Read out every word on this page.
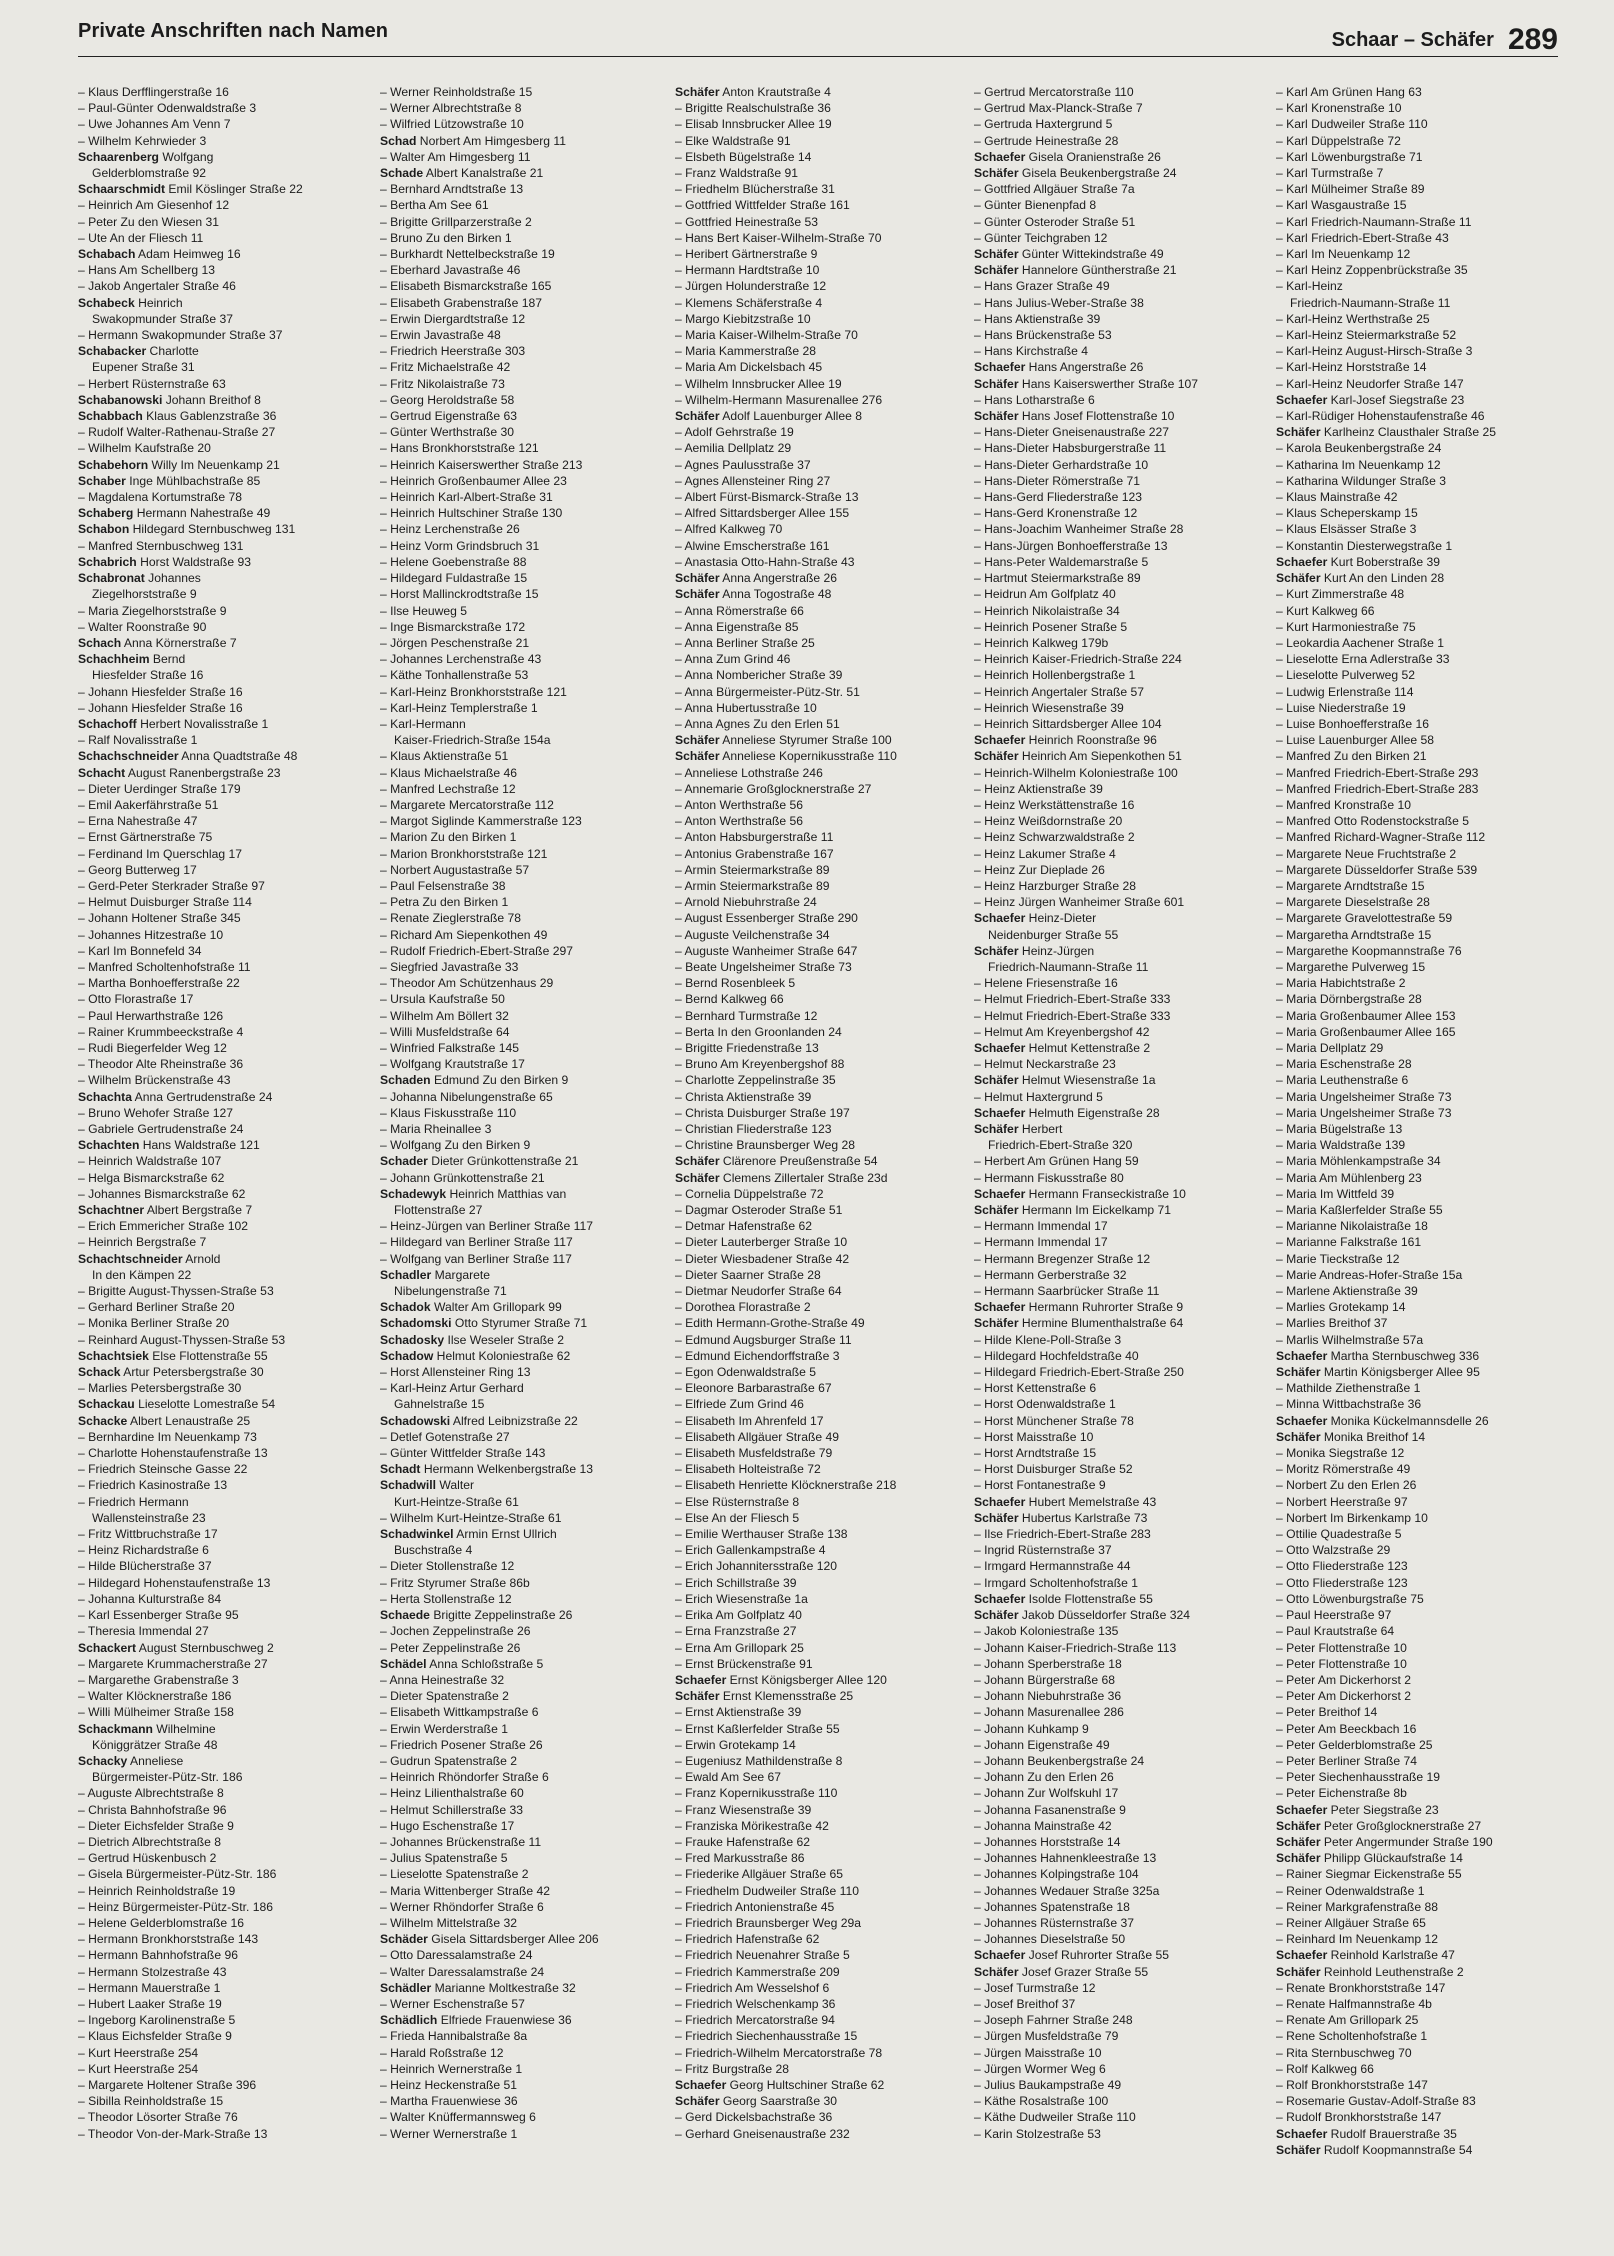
Private Anschriften nach Namen	Schaar – Schäfer 289
– Klaus Derfflingerstraße 16
– Paul-Günter Odenwaldstraße 3
– Uwe Johannes Am Venn 7
– Wilhelm Kehrwieder 3
Schaarenberg Wolfgang
Gelderblomstraße 92
Schaarschmidt Emil Köslinger Straße 22
– Heinrich Am Giesenhof 12
– Peter Zu den Wiesen 31
– Ute An der Fliesch 11
Schabach Adam Heimweg 16
– Hans Am Schellberg 13
– Jakob Angertaler Straße 46
Schabeck Heinrich
Swakopmunder Straße 37
– Hermann Swakopmunder Straße 37
Schabacker Charlotte
Eupener Straße 31
– Herbert Rüsternstraße 63
Schabanowski Johann Breithof 8
Schabbach Klaus Gablenzstraße 36
– Rudolf Walter-Rathenau-Straße 27
– Wilhelm Kaufstraße 20
Schabehorn Willy Im Neuenkamp 21
Schaber Inge Mühlbachstraße 85
– Magdalena Kortumstraße 78
Schaberg Hermann Nahestraße 49
Schabon Hildegard Sternbuschweg 131
– Manfred Sternbuschweg 131
Schabrich Horst Waldstraße 93
Schabronat Johannes
Ziegelhorststraße 9
– Maria Ziegelhorststraße 9
– Walter Roonstraße 90
Schach Anna Körnerstraße 7
Schachheim Bernd
Hiesfelder Straße 16
– Johann Hiesfelder Straße 16
– Johann Hiesfelder Straße 16
Schachoff Herbert Novalisstraße 1
– Ralf Novalisstraße 1
Schachschneider Anna Quadtstraße 48
Schacht August Ranenbergstraße 23
– Dieter Uerdinger Straße 179
– Emil Aakerfährstraße 51
– Erna Nahestraße 47
– Ernst Gärtnerstraße 75
– Ferdinand Im Querschlag 17
– Georg Butterweg 17
– Gerd-Peter Sterkrader Straße 97
– Helmut Duisburger Straße 114
– Johann Holtener Straße 345
– Johannes Hitzestraße 10
– Karl Im Bonnefeld 34
– Manfred Scholtenhofstraße 11
– Martha Bonhoefferstraße 22
– Otto Florastraße 17
– Paul Herwarthstraße 126
– Rainer Krummbeeckstraße 4
– Rudi Biegerfelder Weg 12
– Theodor Alte Rheinstraße 36
– Wilhelm Brückenstraße 43
Schachta Anna Gertrudenstraße 24
– Bruno Wehofer Straße 127
– Gabriele Gertrudenstraße 24
Schachten Hans Waldstraße 121
– Heinrich Waldstraße 107
– Helga Bismarckstraße 62
– Johannes Bismarckstraße 62
Schachtner Albert Bergstraße 7
– Erich Emmericher Straße 102
– Heinrich Bergstraße 7
Schachtschneider Arnold
In den Kämpen 22
– Brigitte August-Thyssen-Straße 53
– Gerhard Berliner Straße 20
– Monika Berliner Straße 20
– Reinhard August-Thyssen-Straße 53
Schachtsiek Else Flottenstraße 55
Schack Artur Petersbergstraße 30
– Marlies Petersbergstraße 30
Schackau Lieselotte Lomestraße 54
Schacke Albert Lenaustraße 25
– Bernhardine Im Neuenkamp 73
– Charlotte Hohenstaufenstraße 13
– Friedrich Steinsche Gasse 22
– Friedrich Kasinostraße 13
– Friedrich Hermann
Wallensteinstraße 23
– Fritz Wittbruchstraße 17
– Heinz Richardstraße 6
– Hilde Blücherstraße 37
– Hildegard Hohenstaufenstraße 13
– Johanna Kulturstraße 84
– Karl Essenberger Straße 95
– Theresia Immendal 27
Schackert August Sternbuschweg 2
– Margarete Krummacherstraße 27
– Margarethe Grabenstraße 3
– Walter Klöcknerstraße 186
– Willi Mülheimer Straße 158
Schackmann Wilhelmine
Königgrätzer Straße 48
Schacky Anneliese
Bürgermeister-Pütz-Str. 186
– Auguste Albrechtstraße 8
– Christa Bahnhofstraße 96
– Dieter Eichsfelder Straße 9
– Dietrich Albrechtstraße 8
– Gertrud Hüskenbusch 2
– Gisela Bürgermeister-Pütz-Str. 186
– Heinrich Reinholdstraße 19
– Heinz Bürgermeister-Pütz-Str. 186
– Helene Gelderblomstraße 16
– Hermann Bronkhorststraße 143
– Hermann Bahnhofstraße 96
– Hermann Stolzestraße 43
– Hermann Mauerstraße 1
– Hubert Laaker Straße 19
– Ingeborg Karolinenstraße 5
– Klaus Eichsfelder Straße 9
– Kurt Heerstraße 254
– Kurt Heerstraße 254
– Margarete Holtener Straße 396
– Sibilla Reinholdstraße 15
– Theodor Lösorter Straße 76
– Theodor Von-der-Mark-Straße 13
– Werner Reinholdstraße 15
– Werner Albrechtstraße 8
– Wilfried Lützowstraße 10
Schad Norbert Am Himgesberg 11
– Walter Am Himgesberg 11
Schade Albert Kanalstraße 21
– Bernhard Arndtstraße 13
– Bertha Am See 61
– Brigitte Grillparzerstraße 2
– Bruno Zu den Birken 1
– Burkhardt Nettelbeckstraße 19
– Eberhard Javastraße 46
– Elisabeth Bismarckstraße 165
– Elisabeth Grabenstraße 187
– Erwin Diergardtstraße 12
– Erwin Javastraße 48
– Friedrich Heerstraße 303
– Fritz Michaelstraße 42
– Fritz Nikolaistraße 73
– Georg Heroldstraße 58
– Gertrud Eigenstraße 63
– Günter Werthstraße 30
– Hans Bronkhorststraße 121
– Heinrich Kaiserswerther Straße 213
– Heinrich Großenbaumer Allee 23
– Heinrich Karl-Albert-Straße 31
– Heinrich Hultschiner Straße 130
– Heinz Lerchenstraße 26
– Heinz Vorm Grindsbruch 31
– Helene Goebenstraße 88
– Hildegard Fuldastraße 15
– Horst Mallinckrodtstraße 15
– Ilse Heuweg 5
– Inge Bismarckstraße 172
– Jörgen Peschenstraße 21
– Johannes Lerchenstraße 43
– Käthe Tonhallenstraße 53
– Karl-Heinz Bronkhorststraße 121
– Karl-Heinz Templerstraße 1
– Karl-Hermann
Kaiser-Friedrich-Straße 154a
– Klaus Aktienstraße 51
– Klaus Michaelstraße 46
– Manfred Lechstraße 12
– Margarete Mercatorstraße 112
– Margot Siglinde Kammerstraße 123
– Marion Zu den Birken 1
– Marion Bronkhorststraße 121
– Norbert Augustastraße 57
– Paul Felsenstraße 38
– Petra Zu den Birken 1
– Renate Zieglerstraße 78
– Richard Am Siepenkothen 49
– Rudolf Friedrich-Ebert-Straße 297
– Siegfried Javastraße 33
– Theodor Am Schützenhaus 29
– Ursula Kaufstraße 50
– Wilhelm Am Böllert 32
– Willi Musfeldstraße 64
– Winfried Falkstraße 145
– Wolfgang Krautstraße 17
Schaden Edmund Zu den Birken 9
– Johanna Nibelungenstraße 65
– Klaus Fiskusstraße 110
– Maria Rheinallee 3
– Wolfgang Zu den Birken 9
Schader Dieter Grünkottenstraße 21
– Johann Grünkottenstraße 21
Schadewyk Heinrich Matthias van
Flottenstraße 27
– Heinz-Jürgen van Berliner Straße 117
– Hildegard van Berliner Straße 117
– Wolfgang van Berliner Straße 117
Schadler Margarete
Nibelungenstraße 71
Schadok Walter Am Grillopark 99
Schadomski Otto Styrumer Straße 71
Schadosky Ilse Weseler Straße 2
Schadow Helmut Koloniestraße 62
– Horst Allensteiner Ring 13
– Karl-Heinz Artur Gerhard
Gahnelstraße 15
Schadowski Alfred Leibnizstraße 22
– Detlef Gotenstraße 27
– Günter Wittfelder Straße 143
Schadt Hermann Welkenbergstraße 13
Schadwill Walter
Kurt-Heintze-Straße 61
– Wilhelm Kurt-Heintze-Straße 61
Schadwinkel Armin Ernst Ullrich
Buschstraße 4
– Dieter Stollenstraße 12
– Fritz Styrumer Straße 86b
– Herta Stollenstraße 12
Schaede Brigitte Zeppelinstraße 26
– Jochen Zeppelinstraße 26
– Peter Zeppelinstraße 26
Schädel Anna Schloßstraße 5
– Anna Heinestraße 32
– Dieter Spatenstraße 2
– Elisabeth Wittkampstraße 6
– Erwin Werderstraße 1
– Friedrich Posener Straße 26
– Gudrun Spatenstraße 2
– Heinrich Rhöndorfer Straße 6
– Heinz Lilienthalstraße 60
– Helmut Schillerstraße 33
– Hugo Eschenstraße 17
– Johannes Brückenstraße 11
– Julius Spatenstraße 5
– Lieselotte Spatenstraße 2
– Maria Wittenberger Straße 42
– Werner Rhöndorfer Straße 6
– Wilhelm Mittelstraße 32
Schäder Gisela Sittardsberger Allee 206
– Otto Daressalamstraße 24
– Walter Daressalamstraße 24
Schädler Marianne Moltkestraße 32
– Werner Eschenstraße 57
Schädlich Elfriede Frauenwiese 36
– Frieda Hannibalstraße 8a
– Harald Roßstraße 12
– Heinrich Wernerstraße 1
– Heinz Heckenstraße 51
– Martha Frauenwiese 36
– Walter Knüffermannsweg 6
– Werner Wernerstraße 1
Schäfer Anton Krautstraße 4
– Brigitte Realschulstraße 36
– Elisab Innsbrucker Allee 19
– Elke Waldstraße 91
– Elsbeth Bügelstraße 14
– Franz Waldstraße 91
– Friedhelm Blücherstraße 31
– Gottfried Wittfelder Straße 161
– Gottfried Heinestraße 53
– Hans Bert Kaiser-Wilhelm-Straße 70
– Heribert Gärtnerstraße 9
– Hermann Hardtstraße 10
– Jürgen Holunderstraße 12
– Klemens Schäferstraße 4
– Margo Kiebitzstraße 10
– Maria Kaiser-Wilhelm-Straße 70
– Maria Kammerstraße 28
– Maria Am Dickelsbach 45
– Wilhelm Innsbrucker Allee 19
– Wilhelm-Hermann Masurenallee 276
Schäfer Adolf Lauenburger Allee 8
– Adolf Gehrstraße 19
– Aemilia Dellplatz 29
– Agnes Paulusstraße 37
– Agnes Allensteiner Ring 27
– Albert Fürst-Bismarck-Straße 13
– Alfred Sittardsberger Allee 155
– Alfred Kalkweg 70
– Alwine Emscherstraße 161
– Anastasia Otto-Hahn-Straße 43
Schäfer Anna Angerstraße 26
Schäfer Anna Togostraße 48
– Anna Römerstraße 66
– Anna Eigenstraße 85
– Anna Berliner Straße 25
– Anna Zum Grind 46
– Anna Nombericher Straße 39
– Anna Bürgermeister-Pütz-Str. 51
– Anna Hubertusstraße 10
– Anna Agnes Zu den Erlen 51
Schäfer Anneliese Styrumer Straße 100
Schäfer Anneliese Kopernikusstraße 110
– Anneliese Lothstraße 246
– Annemarie Großglocknerstraße 27
– Anton Werthstraße 56
– Anton Werthstraße 56
– Anton Habsburgerstraße 11
– Antonius Grabenstraße 167
– Armin Steiermarkstraße 89
– Armin Steiermarkstraße 89
– Arnold Niebuhrstraße 24
– August Essenberger Straße 290
– Auguste Veilchenstraße 34
– Auguste Wanheimer Straße 647
– Beate Ungelsheimer Straße 73
– Bernd Rosenbleek 5
– Bernd Kalkweg 66
– Bernhard Turmstraße 12
– Berta In den Groonlanden 24
– Brigitte Friedenstraße 13
– Bruno Am Kreyenbergshof 88
– Charlotte Zeppelinstraße 35
– Christa Aktienstraße 39
– Christa Duisburger Straße 197
– Christian Fliederstraße 123
– Christine Braunsberger Weg 28
Schäfer Clärenore Preußenstraße 54
Schäfer Clemens Zillertaler Straße 23d
– Cornelia Düppelstraße 72
– Dagmar Osteroder Straße 51
– Detmar Hafenstraße 62
– Dieter Lauterberger Straße 10
– Dieter Wiesbadener Straße 42
– Dieter Saarner Straße 28
– Dietmar Neudorfer Straße 64
– Dorothea Florastraße 2
– Edith Hermann-Grothe-Straße 49
– Edmund Augsburger Straße 11
– Edmund Eichendorffstraße 3
– Egon Odenwaldstraße 5
– Eleonore Barbarastraße 67
– Elfriede Zum Grind 46
– Elisabeth Im Ahrenfeld 17
– Elisabeth Allgäuer Straße 49
– Elisabeth Musfeldstraße 79
– Elisabeth Holteistraße 72
– Elisabeth Henriette Klöcknerstraße 218
– Else Rüsternstraße 8
– Else An der Fliesch 5
– Emilie Werthauser Straße 138
– Erich Gallenkampstraße 4
– Erich Johannitersstraße 120
– Erich Schillstraße 39
– Erich Wiesenstraße 1a
– Erika Am Golfplatz 40
– Erna Franzstraße 27
– Erna Am Grillopark 25
– Ernst Brückenstraße 91
Schaefer Ernst Königsberger Allee 120
Schäfer Ernst Klemensstraße 25
– Ernst Aktienstraße 39
– Ernst Kaßlerfelder Straße 55
– Erwin Grotekamp 14
– Eugeniusz Mathildenstraße 8
– Ewald Am See 67
– Franz Kopernikusstraße 110
– Franz Wiesenstraße 39
– Franziska Mörikestraße 42
– Frauke Hafenstraße 62
– Fred Markusstraße 86
– Friederike Allgäuer Straße 65
– Friedhelm Dudweiler Straße 110
– Friedrich Antonienstraße 45
– Friedrich Braunsberger Weg 29a
– Friedrich Hafenstraße 62
– Friedrich Neuenahrer Straße 5
– Friedrich Kammerstraße 209
– Friedrich Am Wesselshof 6
– Friedrich Welschenkamp 36
– Friedrich Mercatorstraße 94
– Friedrich Siechenhausstraße 15
– Friedrich-Wilhelm Mercatorstraße 78
– Fritz Burgstraße 28
Schaefer Georg Hultschiner Straße 62
Schäfer Georg Saarstraße 30
– Gerd Dickelsbachstraße 36
– Gerhard Gneisenaustraße 232
– Gertrud Mercatorstraße 110
– Gertrud Max-Planck-Straße 7
– Gertruda Haxtergrund 5
– Gertrude Heinestraße 28
Schaefer Gisela Oranienstraße 26
Schäfer Gisela Beukenbergstraße 24
– Gottfried Allgäuer Straße 7a
– Günter Bienenpfad 8
– Günter Osteroder Straße 51
– Günter Teichgraben 12
Schäfer Günter Wittekindstraße 49
Schäfer Hannelore Güntherstraße 21
– Hans Grazer Straße 49
– Hans Julius-Weber-Straße 38
– Hans Aktienstraße 39
– Hans Brückenstraße 53
– Hans Kirchstraße 4
Schaefer Hans Angerstraße 26
Schäfer Hans Kaiserswerther Straße 107
– Hans Lotharstraße 6
Schäfer Hans Josef Flottenstraße 10
– Hans-Dieter Gneisenaustraße 227
– Hans-Dieter Habsburgerstraße 11
– Hans-Dieter Gerhardstraße 10
– Hans-Dieter Römerstraße 71
– Hans-Gerd Fliederstraße 123
– Hans-Gerd Kronenstraße 12
– Hans-Joachim Wanheimer Straße 28
– Hans-Jürgen Bonhoefferstraße 13
– Hans-Peter Waldemarstraße 5
– Hartmut Steiermarkstraße 89
– Heidrun Am Golfplatz 40
– Heinrich Nikolaistraße 34
– Heinrich Posener Straße 5
– Heinrich Kalkweg 179b
– Heinrich Kaiser-Friedrich-Straße 224
– Heinrich Hollenbergstraße 1
– Heinrich Angertaler Straße 57
– Heinrich Wiesenstraße 39
– Heinrich Sittardsberger Allee 104
Schaefer Heinrich Roonstraße 96
Schäfer Heinrich Am Siepenkothen 51
– Heinrich-Wilhelm Koloniestraße 100
– Heinz Aktienstraße 39
– Heinz Werkstättenstraße 16
– Heinz Weißdornstraße 20
– Heinz Schwarzwaldstraße 2
– Heinz Lakumer Straße 4
– Heinz Zur Dieplade 26
– Heinz Harzburger Straße 28
– Heinz Jürgen Wanheimer Straße 601
Schaefer Heinz-Dieter
Neidenburger Straße 55
Schäfer Heinz-Jürgen
Friedrich-Naumann-Straße 11
– Helene Friesenstraße 16
– Helmut Friedrich-Ebert-Straße 333
– Helmut Friedrich-Ebert-Straße 333
– Helmut Am Kreyenbergshof 42
Schaefer Helmut Kettenstraße 2
– Helmut Neckarstraße 23
Schäfer Helmut Wiesenstraße 1a
– Helmut Haxtergrund 5
Schaefer Helmuth Eigenstraße 28
Schäfer Herbert
Friedrich-Ebert-Straße 320
– Herbert Am Grünen Hang 59
– Hermann Fiskusstraße 80
Schaefer Hermann Franseckistraße 10
Schäfer Hermann Im Eickelkamp 71
– Hermann Immendal 17
– Hermann Immendal 17
– Hermann Bregenzer Straße 12
– Hermann Gerberstraße 32
– Hermann Saarbrücker Straße 11
Schaefer Hermann Ruhrorter Straße 9
Schäfer Hermine Blumenthalstraße 64
– Hilde Klene-Poll-Straße 3
– Hildegard Hochfeldstraße 40
– Hildegard Friedrich-Ebert-Straße 250
– Horst Kettenstraße 6
– Horst Odenwaldstraße 1
– Horst Münchener Straße 78
– Horst Maisstraße 10
– Horst Arndtstraße 15
– Horst Duisburger Straße 52
– Horst Fontanestraße 9
Schaefer Hubert Memelstraße 43
Schäfer Hubertus Karlstraße 73
– Ilse Friedrich-Ebert-Straße 283
– Ingrid Rüsternstraße 37
– Irmgard Hermannstraße 44
– Irmgard Scholtenhofstraße 1
Schaefer Isolde Flottenstraße 55
Schäfer Jakob Düsseldorfer Straße 324
– Jakob Koloniestraße 135
– Johann Kaiser-Friedrich-Straße 113
– Johann Sperberstraße 18
– Johann Bürgerstraße 68
– Johann Niebuhrstraße 36
– Johann Masurenallee 286
– Johann Kuhkamp 9
– Johann Eigenstraße 49
– Johann Beukenbergstraße 24
– Johann Zu den Erlen 26
– Johann Zur Wolfskuhl 17
– Johanna Fasanenstraße 9
– Johanna Mainstraße 42
– Johannes Horststraße 14
– Johannes Hahnenkleestraße 13
– Johannes Kolpingstraße 104
– Johannes Wedauer Straße 325a
– Johannes Spatenstraße 18
– Johannes Rüsternstraße 37
– Johannes Dieselstraße 50
Schaefer Josef Ruhrorter Straße 55
Schäfer Josef Grazer Straße 55
– Josef Turmstraße 12
– Josef Breithof 37
– Joseph Fahrner Straße 248
– Jürgen Musfeldstraße 79
– Jürgen Maisstraße 10
– Jürgen Wormer Weg 6
– Julius Baukampstraße 49
– Käthe Rosalstraße 100
– Käthe Dudweiler Straße 110
– Karin Stolzestraße 53
– Karl Am Grünen Hang 63
– Karl Kronenstraße 10
– Karl Dudweiler Straße 110
– Karl Düppelstraße 72
– Karl Löwenburgstraße 71
– Karl Turmstraße 7
– Karl Mülheimer Straße 89
– Karl Wasgaustraße 15
– Karl Friedrich-Naumann-Straße 11
– Karl Friedrich-Ebert-Straße 43
– Karl Im Neuenkamp 12
– Karl Heinz Zoppenbrückstraße 35
– Karl-Heinz
Friedrich-Naumann-Straße 11
– Karl-Heinz Werthstraße 25
– Karl-Heinz Steiermarkstraße 52
– Karl-Heinz August-Hirsch-Straße 3
– Karl-Heinz Horststraße 14
– Karl-Heinz Neudorfer Straße 147
Schaefer Karl-Josef Siegstraße 23
– Karl-Rüdiger Hohenstaufenstraße 46
Schäfer Karlheinz Clausthaler Straße 25
– Karola Beukenbergstraße 24
– Katharina Im Neuenkamp 12
– Katharina Wildunger Straße 3
– Klaus Mainstraße 42
– Klaus Scheperskamp 15
– Klaus Elsässer Straße 3
– Konstantin Diesterwegstraße 1
Schaefer Kurt Boberstraße 39
Schäfer Kurt An den Linden 28
– Kurt Zimmerstraße 48
– Kurt Kalkweg 66
– Kurt Harmoniestraße 75
– Leokardia Aachener Straße 1
– Lieselotte Erna Adlerstraße 33
– Lieselotte Pulverweg 52
– Ludwig Erlenstraße 114
– Luise Niederstraße 19
– Luise Bonhoefferstraße 16
– Luise Lauenburger Allee 58
– Manfred Zu den Birken 21
– Manfred Friedrich-Ebert-Straße 293
– Manfred Friedrich-Ebert-Straße 283
– Manfred Kronstraße 10
– Manfred Otto Rodenstockstraße 5
– Manfred Richard-Wagner-Straße 112
– Margarete Neue Fruchtstraße 2
– Margarete Düsseldorfer Straße 539
– Margarete Arndtstraße 15
– Margarete Dieselstraße 28
– Margarete Gravelottestraße 59
– Margaretha Arndtstraße 15
– Margarethe Koopmannstraße 76
– Margarethe Pulverweg 15
– Maria Habichtstraße 2
– Maria Dörnbergstraße 28
– Maria Großenbaumer Allee 153
– Maria Großenbaumer Allee 165
– Maria Dellplatz 29
– Maria Eschenstraße 28
– Maria Leuthenstraße 6
– Maria Ungelsheimer Straße 73
– Maria Ungelsheimer Straße 73
– Maria Bügelstraße 13
– Maria Waldstraße 139
– Maria Möhlenkampstraße 34
– Maria Am Mühlenberg 23
– Maria Im Wittfeld 39
– Maria Kaßlerfelder Straße 55
– Marianne Nikolaistraße 18
– Marianne Falkstraße 161
– Marie Tieckstraße 12
– Marie Andreas-Hofer-Straße 15a
– Marlene Aktienstraße 39
– Marlies Grotekamp 14
– Marlies Breithof 37
– Marlis Wilhelmstraße 57a
Schaefer Martha Sternbuschweg 336
Schäfer Martin Königsberger Allee 95
– Mathilde Ziethenstraße 1
– Minna Wittbachstraße 36
Schaefer Monika Kückelmannsdelle 26
Schäfer Monika Breithof 14
– Monika Siegstraße 12
– Moritz Römerstraße 49
– Norbert Zu den Erlen 26
– Norbert Heerstraße 97
– Norbert Im Birkenkamp 10
– Ottilie Quadestraße 5
– Otto Walzstraße 29
– Otto Fliederstraße 123
– Otto Fliederstraße 123
– Otto Löwenburgstraße 75
– Paul Heerstraße 97
– Paul Krautstraße 64
– Peter Flottenstraße 10
– Peter Flottenstraße 10
– Peter Am Dickerhorst 2
– Peter Am Dickerhorst 2
– Peter Breithof 14
– Peter Am Beeckbach 16
– Peter Gelderblomstraße 25
– Peter Berliner Straße 74
– Peter Siechenhausstraße 19
– Peter Eichenstraße 8b
Schaefer Peter Siegstraße 23
Schäfer Peter Großglocknerstraße 27
Schäfer Peter Angermunder Straße 190
Schäfer Philipp Glückaufstraße 14
– Rainer Siegmar Eickenstraße 55
– Reiner Odenwaldstraße 1
– Reiner Markgrafenstraße 88
– Reiner Allgäuer Straße 65
– Reinhard Im Neuenkamp 12
Schaefer Reinhold Karlstraße 47
Schäfer Reinhold Leuthenstraße 2
– Renate Bronkhorststraße 147
– Renate Halfmannstraße 4b
– Renate Am Grillopark 25
– Rene Scholtenhofstraße 1
– Rita Sternbuschweg 70
– Rolf Kalkweg 66
– Rolf Bronkhorststraße 147
– Rosemarie Gustav-Adolf-Straße 83
– Rudolf Bronkhorststraße 147
Schaefer Rudolf Brauerstraße 35
Schäfer Rudolf Koopmannstraße 54
